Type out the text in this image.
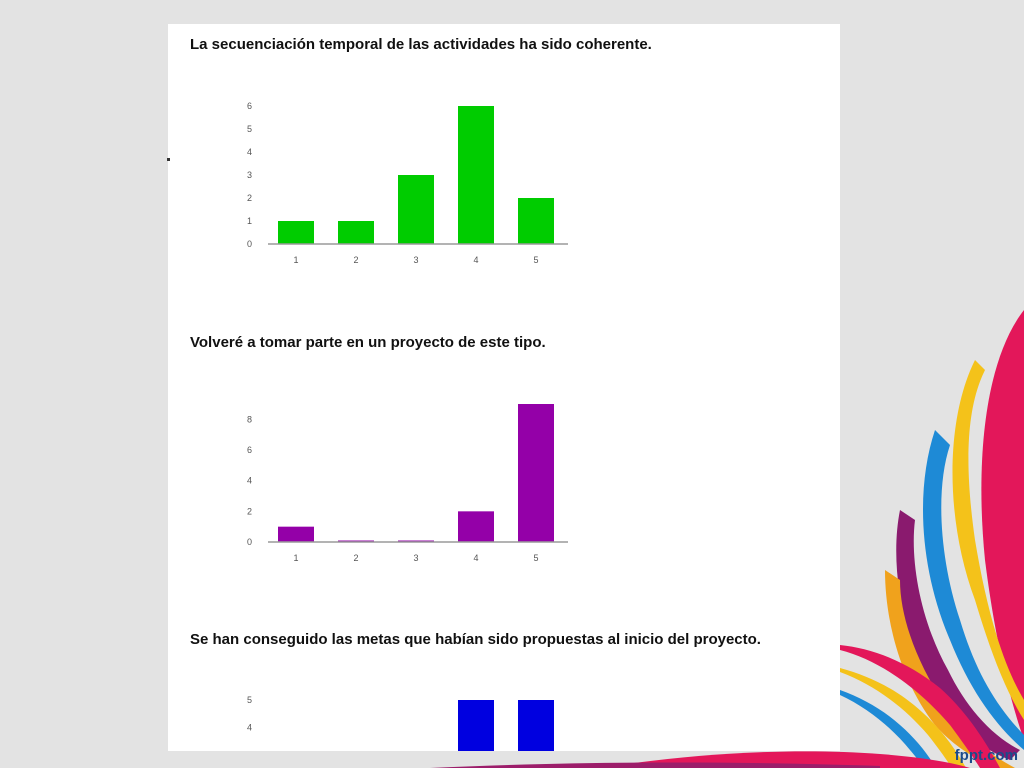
La secuenciación temporal de las actividades ha sido coherente.

0
1
2
3
4
5
6
1	2	3	4	5

Volveré a tomar parte en un proyecto de este tipo.

0
2
4
6
8
1	2	3	4	5

Se han conseguido las metas que habían sido propuestas al inicio del proyecto.

4
5
fppt.com
